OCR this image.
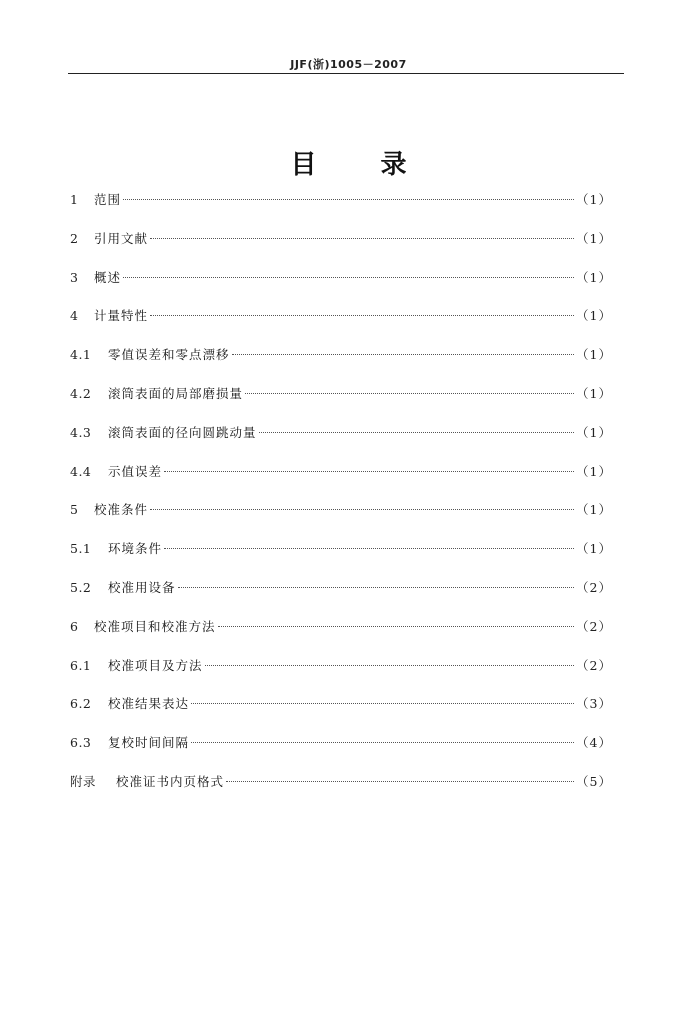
JJF(浙)1005－2007
目录
1	范围	（1）
2	引用文献	（1）
3	概述	（1）
4	计量特性	（1）
4.1	零值误差和零点漂移	（1）
4.2	滚筒表面的局部磨损量	（1）
4.3	滚筒表面的径向圆跳动量	（1）
4.4	示值误差	（1）
5	校准条件	（1）
5.1	环境条件	（1）
5.2	校准用设备	（2）
6	校准项目和校准方法	（2）
6.1	校准项目及方法	（2）
6.2	校准结果表达	（3）
6.3	复校时间间隔	（4）
附录	校准证书内页格式	（5）
